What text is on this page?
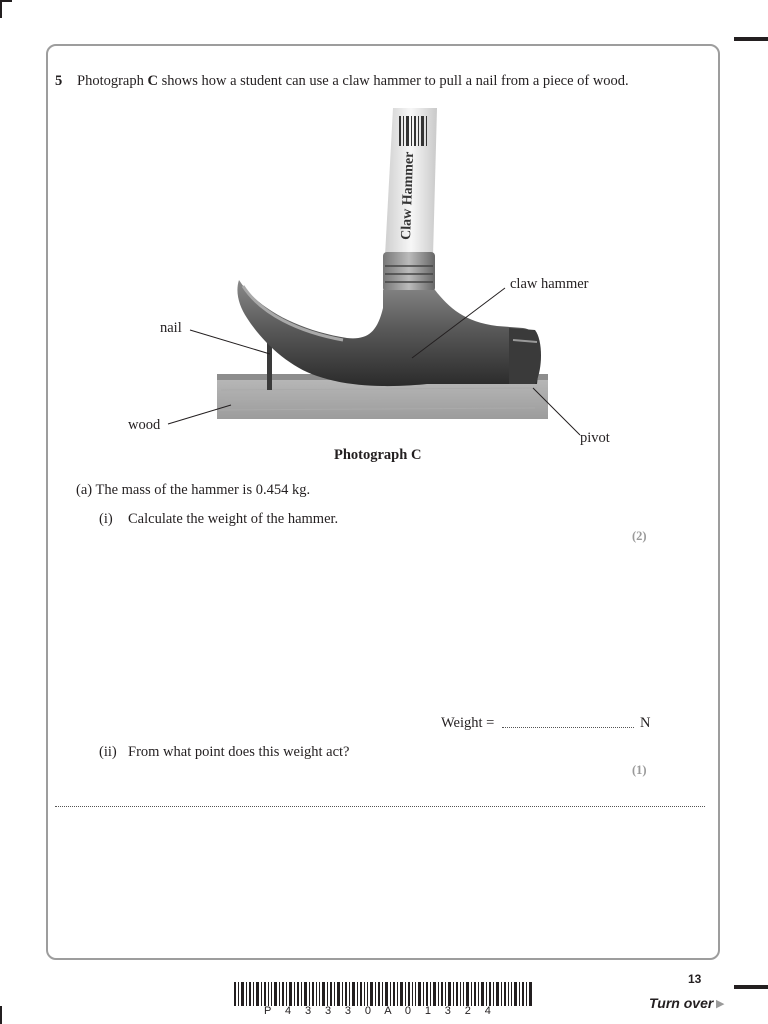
5 Photograph C shows how a student can use a claw hammer to pull a nail from a piece of wood.
Claw Hammer
claw hammer
nail
wood
pivot
Photograph C
(a) The mass of the hammer is 0.454 kg.
(i) Calculate the weight of the hammer.
(2)
Weight =	N
(ii) From what point does this weight act?
(1)
P 4 3 3 3 0 A 0 1 3 2 4
13
Turn over ▶
